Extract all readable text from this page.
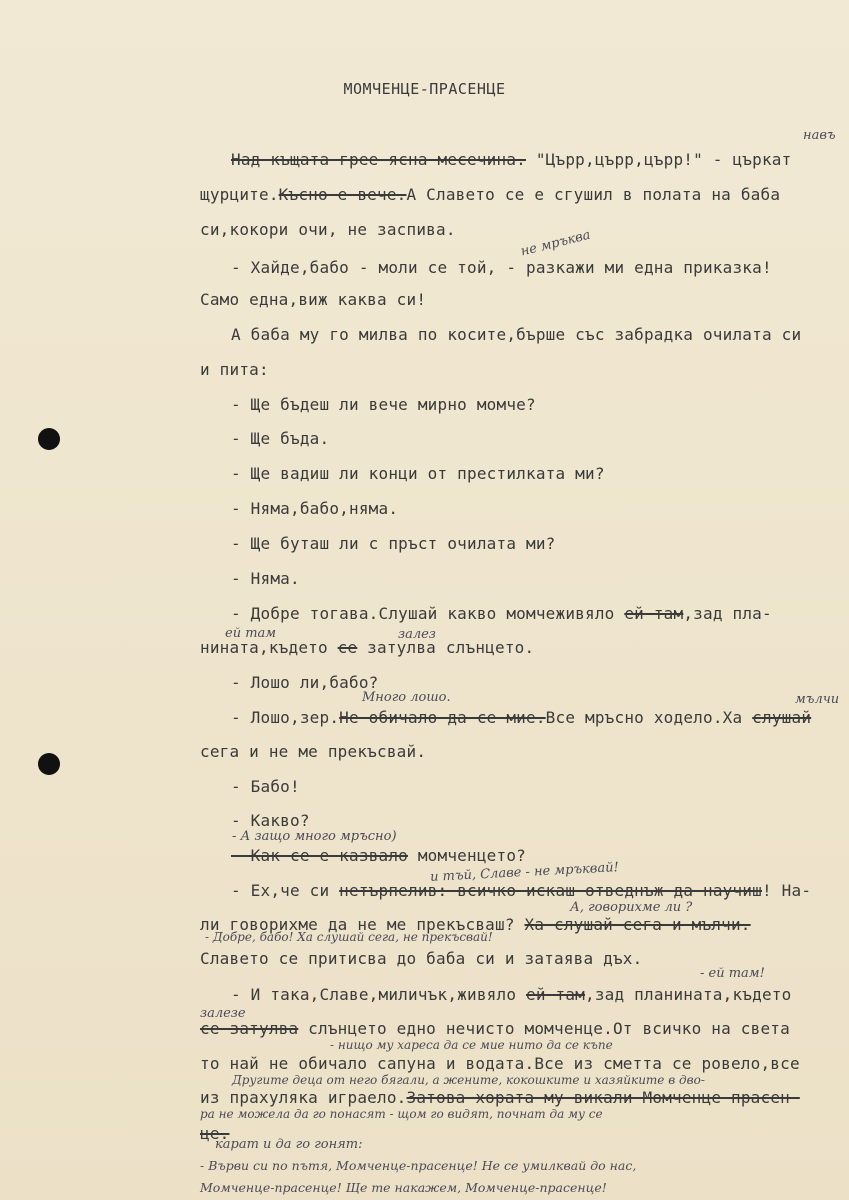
МОМЧЕНЦЕ-ПРАСЕНЦЕ
Над къщата грее ясна месечина. "Църр,църр,църр!" - църкат
щурците.Късно е вече.А Славето се е сгушил в полата на баба
си,кокори очи, не заспива.
- Хайде,бабо - моли се той, - разкажи ми една приказка!
Само една,виж каква си!
А баба му го милва по косите,бърше със забрадка очилата си
и пита:
- Ще бъдеш ли вече мирно момче?
- Ще бъда.
- Ще вадиш ли конци от престилката ми?
- Няма,бабо,няма.
- Ще буташ ли с пръст очилата ми?
- Няма.
- Добре тогава.Слушай какво момчеживяло ей там,зад пла-
нината,където се затулва слънцето.
- Лошо ли,бабо?
- Лошо,зер.Не обичало да се мие.Все мръсно ходело.Ха слушай
сега и не ме прекъсвай.
- Бабо!
- Какво?
- Как се е казвало момченцето?
- Ех,че си нетърпелив: всичко искаш отведнъж да научиш! На-
ли говорихме да не ме прекъсваш? Ха слушай сега и мълчи.
Славето се притисва до баба си и затаява дъх.
- И така,Славе,миличък,живяло ей там,зад планината,където
се затулва слънцето едно нечисто момченце.От всичко на света
то най не обичало сапуна и водата.Все из сметта се ровело,все
из прахуляка играело.Затова хората му викали Момченце-прасен-
це.
навъ
не мръква
ей там	залез
Много лошо.	мълчи
- А защо много мръсно)
и тъй, Славе - не мръквай!
А, говорихме ли ?
- Добре, бабо! Ха слушай сега, не прекъсвай!
- ей там!
залезе
- нищо му хареса да се мие нито да се къпе
Другите деца от него бягали, а жените, кокошките и хазяйките в дво-
ра не можела да го понасят - щом го видят, почнат да му се
карат и да го гонят:
- Върви си по пътя, Момченце-прасенце! Не се умилквай до нас,
Момченце-прасенце! Ще те накажем, Момченце-прасенце!
